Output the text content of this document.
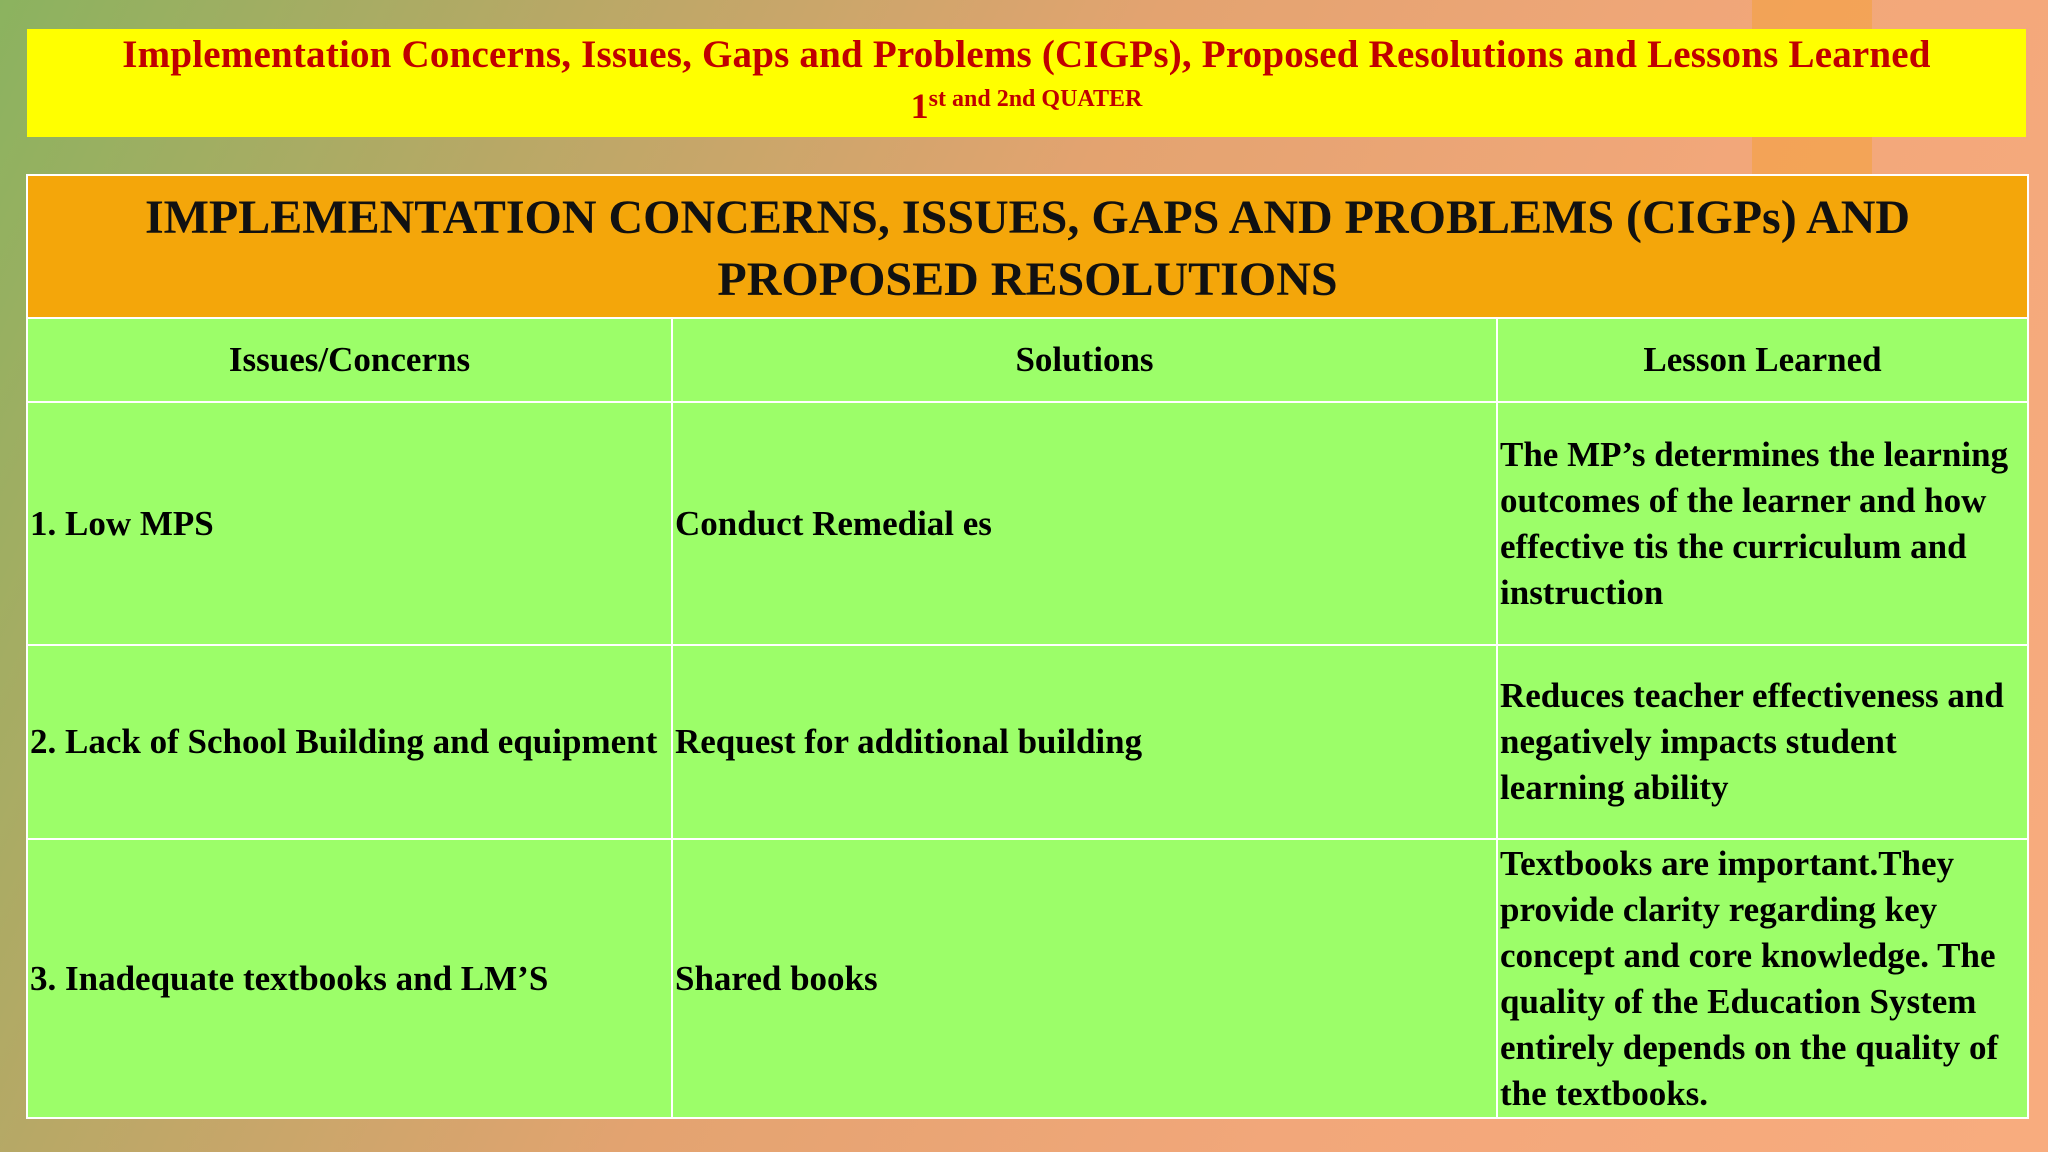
Implementation Concerns, Issues, Gaps and Problems (CIGPs), Proposed Resolutions and Lessons Learned
1st $^{and 2nd QUATER}$
IMPLEMENTATION CONCERNS, ISSUES, GAPS AND PROBLEMS (CIGPs) AND PROPOSED RESOLUTIONS		
Issues/Concerns	Solutions	Lesson Learned
1. Low MPS	Conduct Remedial es	The MP’s determines the learning outcomes of the learner and how effective tis the curriculum and instruction
2. Lack of School Building and equipment	Request for additional building	Reduces teacher effectiveness and negatively impacts student learning ability
3. Inadequate textbooks and LM’S	Shared books	Textbooks are important.They provide clarity regarding key concept and core knowledge. The quality of the Education System entirely depends on the quality of the textbooks.
